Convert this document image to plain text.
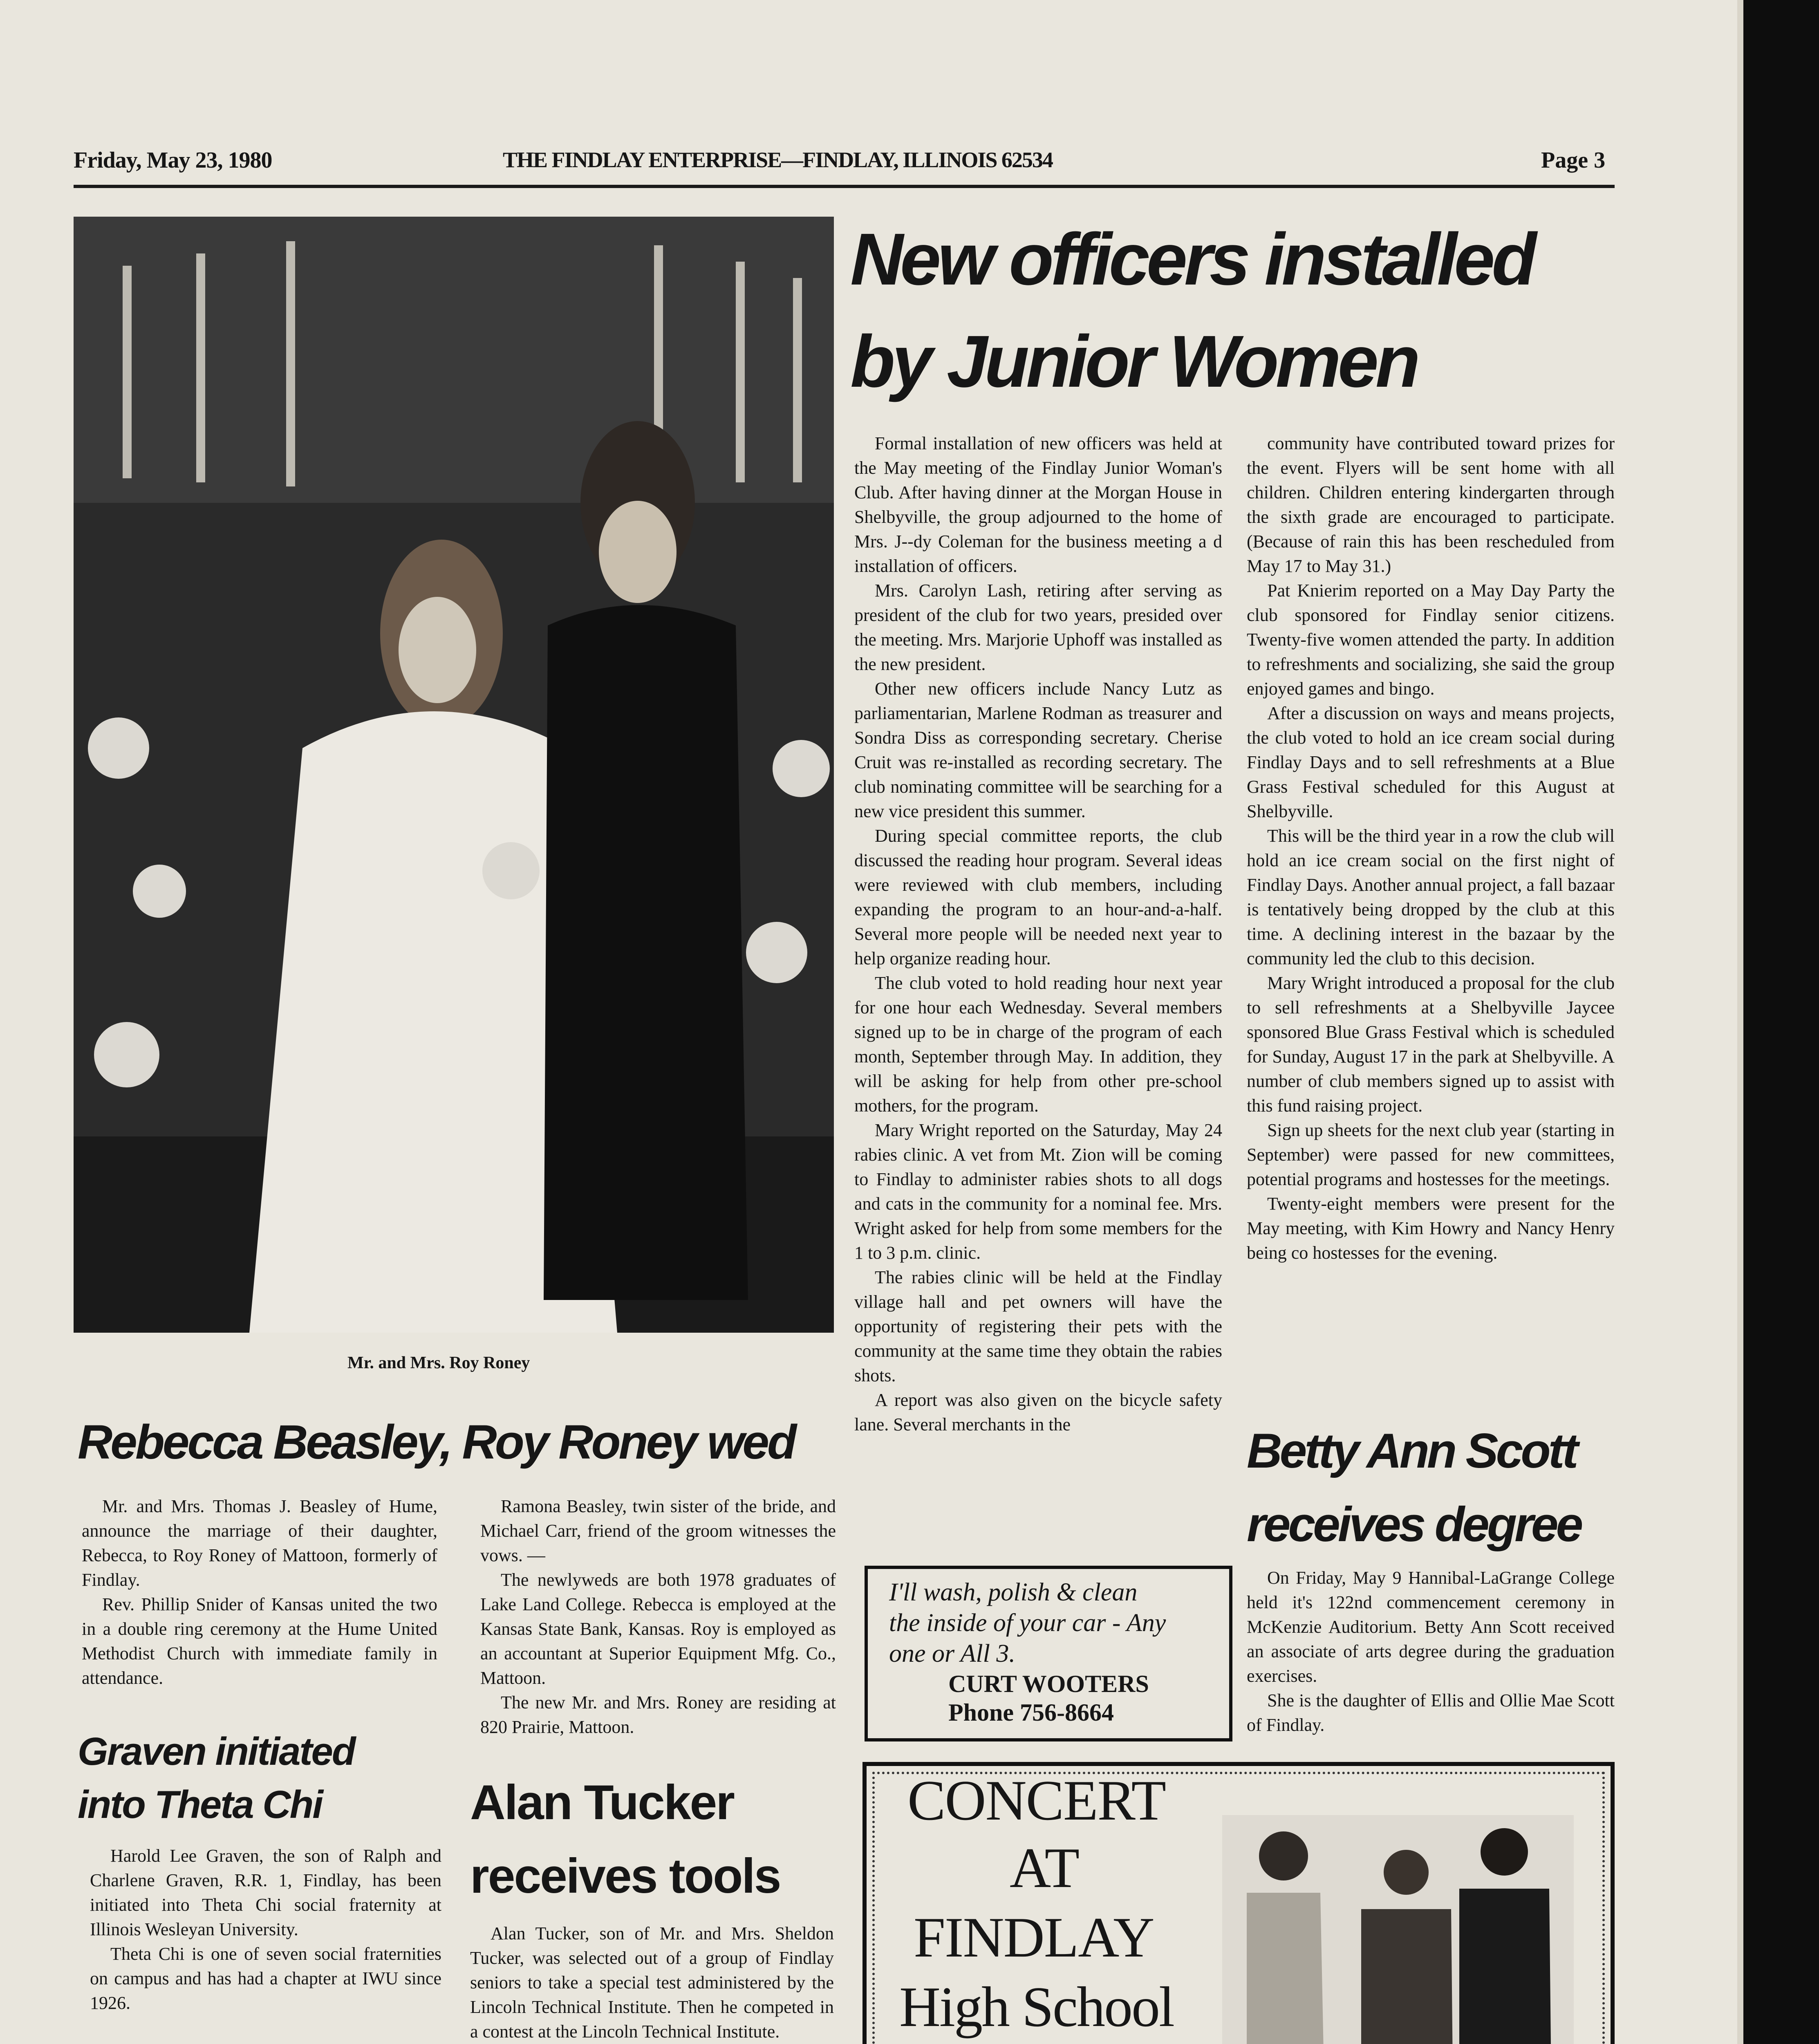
Friday, May 23, 1980	THE FINDLAY ENTERPRISE—FINDLAY, ILLINOIS 62534	Page 3
Mr. and Mrs. Roy Roney
New officers installed
by Junior Women

Formal installation of new officers was held at the May meeting of the Findlay Junior Woman's Club. After having dinner at the Morgan House in Shelbyville, the group adjourned to the home of Mrs. J--dy Coleman for the business meeting a d installation of officers.

Mrs. Carolyn Lash, retiring after serving as president of the club for two years, presided over the meeting. Mrs. Marjorie Uphoff was installed as the new president.

Other new officers include Nancy Lutz as parliamentarian, Marlene Rodman as treasurer and Sondra Diss as corresponding secretary. Cherise Cruit was re-installed as recording secretary. The club nominating committee will be searching for a new vice president this summer.

During special committee reports, the club discussed the reading hour program. Several ideas were reviewed with club members, including expanding the program to an hour-and-a-half. Several more people will be needed next year to help organize reading hour.

The club voted to hold reading hour next year for one hour each Wednesday. Several members signed up to be in charge of the program of each month, September through May. In addition, they will be asking for help from other pre-school mothers, for the program.

Mary Wright reported on the Saturday, May 24 rabies clinic. A vet from Mt. Zion will be coming to Findlay to administer rabies shots to all dogs and cats in the community for a nominal fee. Mrs. Wright asked for help from some members for the 1 to 3 p.m. clinic.

The rabies clinic will be held at the Findlay village hall and pet owners will have the opportunity of registering their pets with the community at the same time they obtain the rabies shots.

A report was also given on the bicycle safety lane. Several merchants in the

community have contributed toward prizes for the event. Flyers will be sent home with all children. Children entering kindergarten through the sixth grade are encouraged to participate. (Because of rain this has been rescheduled from May 17 to May 31.)

Pat Knierim reported on a May Day Party the club sponsored for Findlay senior citizens. Twenty-five women attended the party. In addition to refreshments and socializing, she said the group enjoyed games and bingo.

After a discussion on ways and means projects, the club voted to hold an ice cream social during Findlay Days and to sell refreshments at a Blue Grass Festival scheduled for this August at Shelbyville.

This will be the third year in a row the club will hold an ice cream social on the first night of Findlay Days. Another annual project, a fall bazaar is tentatively being dropped by the club at this time. A declining interest in the bazaar by the community led the club to this decision.

Mary Wright introduced a proposal for the club to sell refreshments at a Shelbyville Jaycee sponsored Blue Grass Festival which is scheduled for Sunday, August 17 in the park at Shelbyville. A number of club members signed up to assist with this fund raising project.

Sign up sheets for the next club year (starting in September) were passed for new committees, potential programs and hostesses for the meetings.

Twenty-eight members were present for the May meeting, with Kim Howry and Nancy Henry being co hostesses for the evening.

Rebecca Beasley, Roy Roney wed

Mr. and Mrs. Thomas J. Beasley of Hume, announce the marriage of their daughter, Rebecca, to Roy Roney of Mattoon, formerly of Findlay.

Rev. Phillip Snider of Kansas united the two in a double ring ceremony at the Hume United Methodist Church with immediate family in attendance.

Ramona Beasley, twin sister of the bride, and Michael Carr, friend of the groom witnesses the vows. —

The newlyweds are both 1978 graduates of Lake Land College. Rebecca is employed at the Kansas State Bank, Kansas. Roy is employed as an accountant at Superior Equipment Mfg. Co., Mattoon.

The new Mr. and Mrs. Roney are residing at 820 Prairie, Mattoon.

I'll wash, polish & clean
the inside of your car - Any
one or All 3.
CURT WOOTERS
Phone 756-8664
Betty Ann Scott
receives degree

On Friday, May 9 Hannibal-LaGrange College held it's 122nd commencement ceremony in McKenzie Auditorium. Betty Ann Scott received an associate of arts degree during the graduation exercises.

She is the daughter of Ellis and Ollie Mae Scott of Findlay.

Graven initiated
into Theta Chi

Harold Lee Graven, the son of Ralph and Charlene Graven, R.R. 1, Findlay, has been initiated into Theta Chi social fraternity at Illinois Wesleyan University.

Theta Chi is one of seven social fraternities on campus and has had a chapter at IWU since 1926.

Alan Tucker
receives tools

Alan Tucker, son of Mr. and Mrs. Sheldon Tucker, was selected out of a group of Findlay seniors to take a special test administered by the Lincoln Technical Institute. Then he competed in a contest at the Lincoln Technical Institute.

CONCERT
AT
FINDLAY
High School
